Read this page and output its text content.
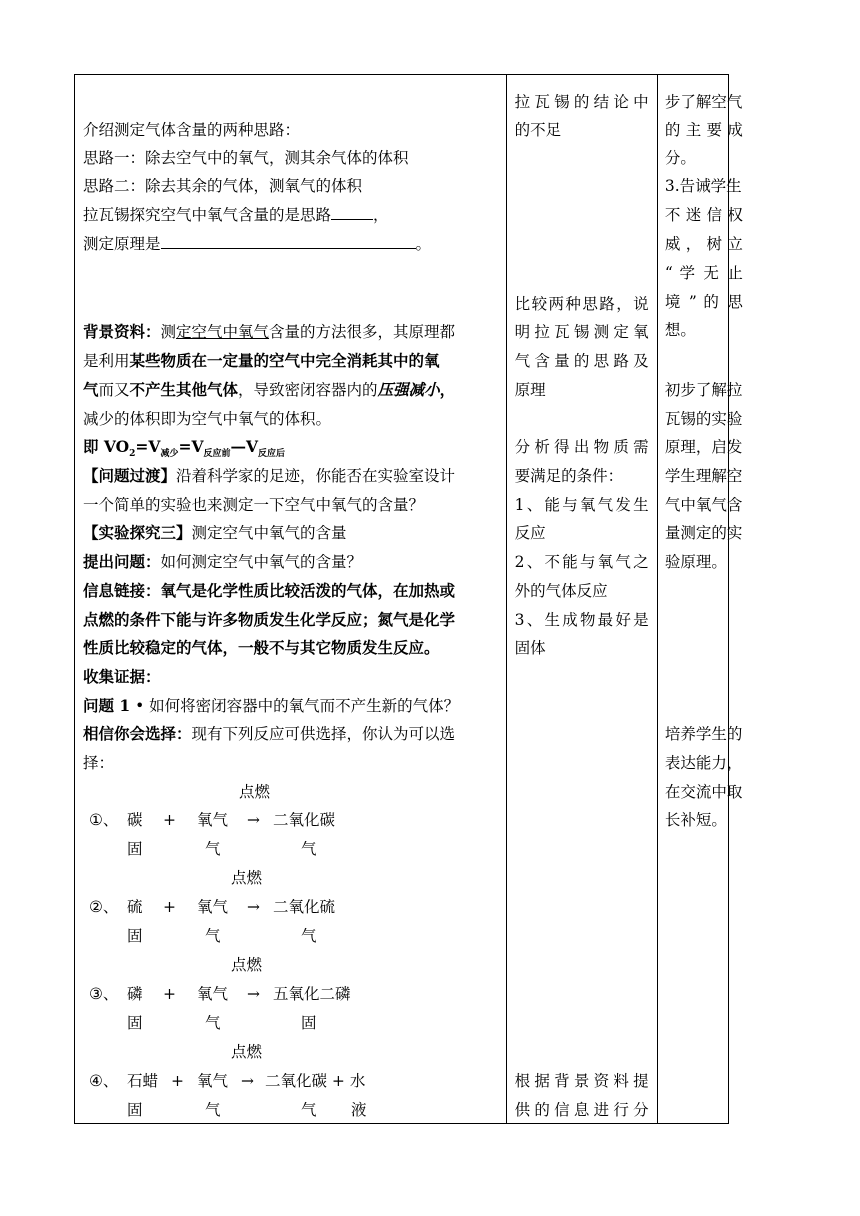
介绍测定气体含量的两种思路：
思路一：除去空气中的氧气，测其余气体的体积
思路二：除去其余的气体，测氧气的体积
拉瓦锡探究空气中氧气含量的是思路	，
测定原理是	。
背景资料：测定空气中氧气含量的方法很多，其原理都
是利用某些物质在一定量的空气中完全消耗其中的氧
气而又不产生其他气体，导致密闭容器内的压强减小，
减少的体积即为空气中氧气的体积。
即 $VO_2=V_{减少}=V_{反应前}—V_{反应后}$
【问题过渡】沿着科学家的足迹，你能否在实验室设计
一个简单的实验也来测定一下空气中氧气的含量？
【实验探究三】测定空气中氧气的含量
提出问题：如何测定空气中氧气的含量？
信息链接：氧气是化学性质比较活泼的气体，在加热或
点燃的条件下能与许多物质发生化学反应；氮气是化学
性质比较稳定的气体，一般不与其它物质发生反应。
收集证据：
问题 1 • 如何将密闭容器中的氧气而不产生新的气体？
相信你会选择：现有下列反应可供选择，你认为可以选
择：
点燃
①、 碳 + 氧气 → 二氧化碳
固	气	气
点燃
②、 硫 + 氧气 → 二氧化硫
固	气	气
点燃
③、 磷 + 氧气 → 五氧化二磷
固	气	固
点燃
④、 石蜡 + 氧气 → 二氧化碳 + 水
固	气	气 液

拉瓦锡的结论中
的不足
比较两种思路，说
明拉瓦锡测定氧
气含量的思路及
原理
分析得出物质需
要满足的条件：
1、能与氧气发生
反应
2、不能与氧气之
外的气体反应
3、生成物最好是
固体
根据背景资料提
供的信息进行分

步了解空气
的 主 要 成
分。
3.告诫学生
不 迷 信 权
威 ， 树 立
“ 学 无 止
境 ” 的 思
想。
初步了解拉
瓦锡的实验
原理，启发
学生理解空
气中氧气含
量测定的实
验原理。
培养学生的
表达能力，
在交流中取
长补短。
